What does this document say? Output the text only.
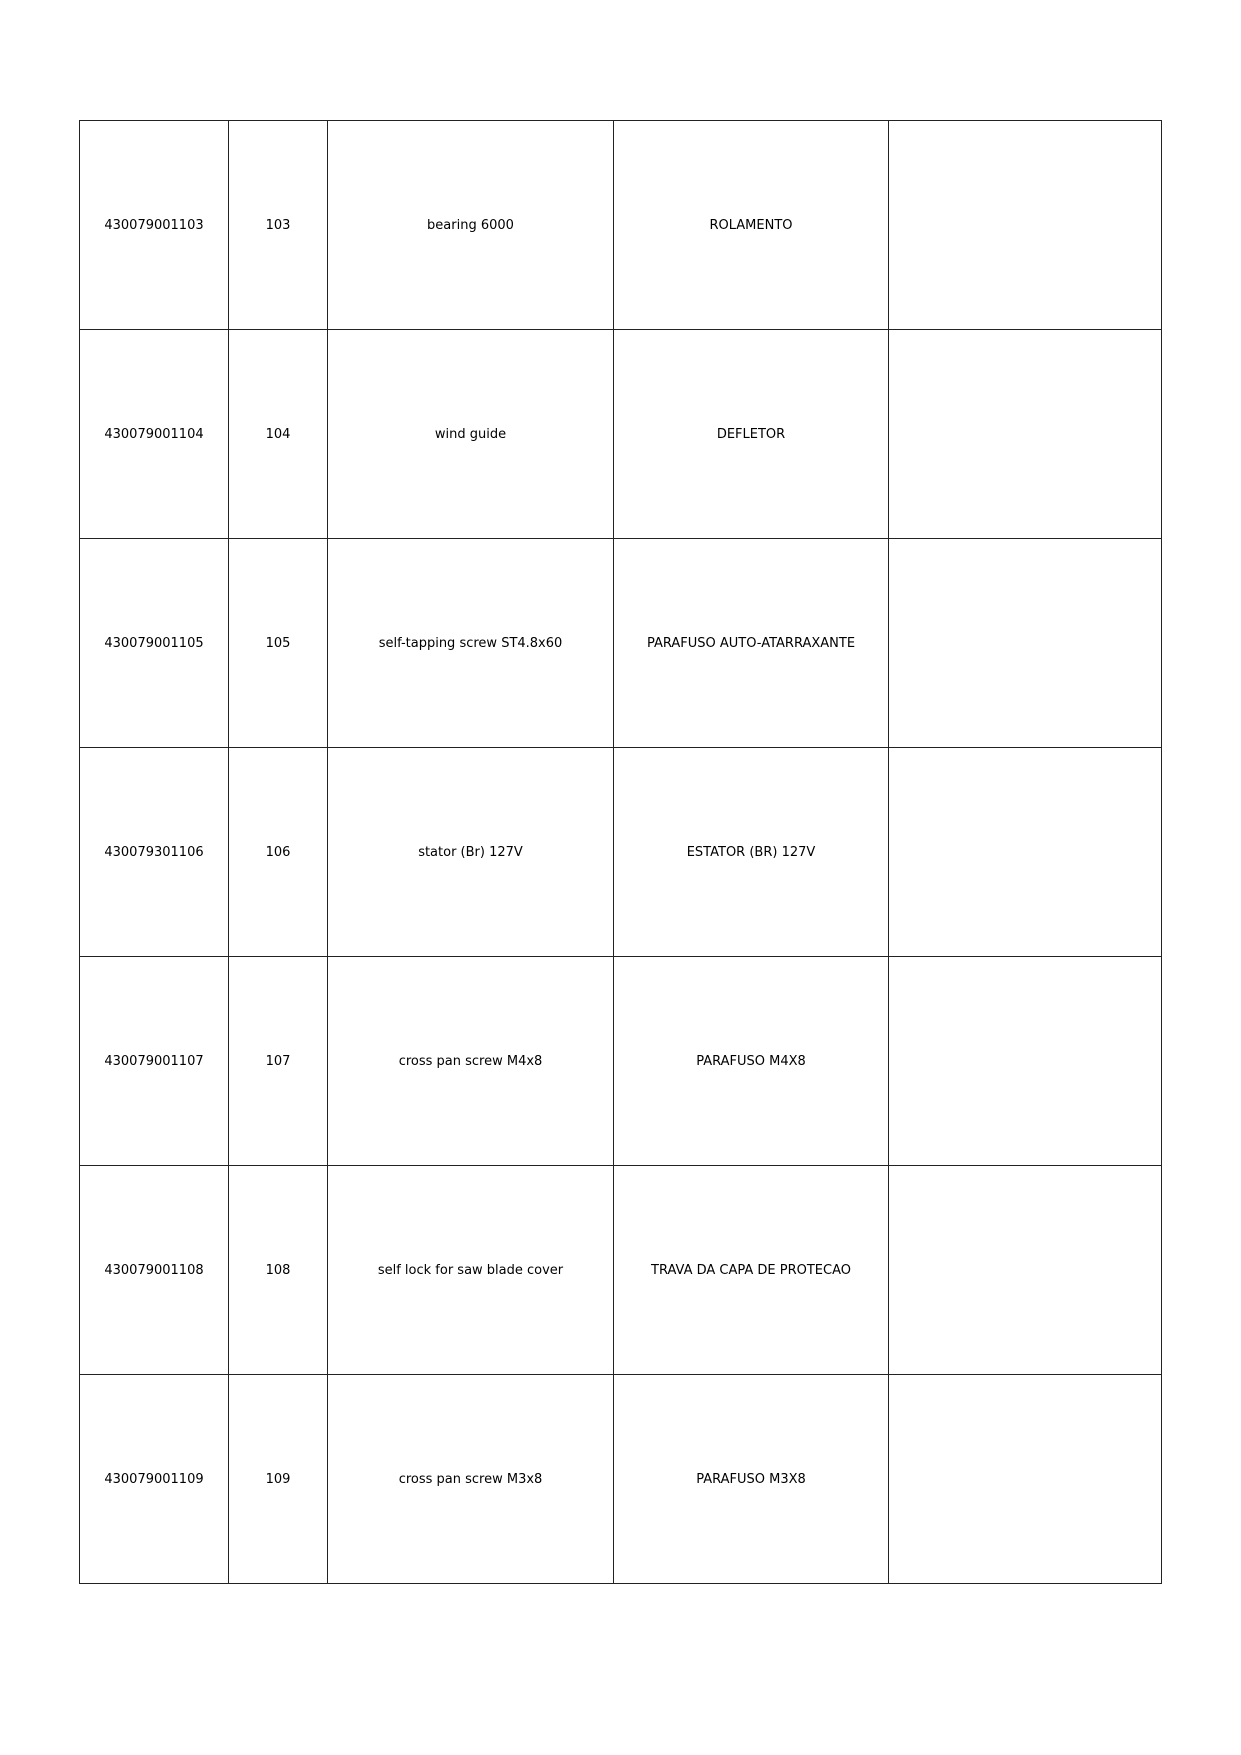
430079001103	103	bearing 6000	ROLAMENTO	
430079001104	104	wind guide	DEFLETOR	
430079001105	105	self-tapping screw ST4.8x60	PARAFUSO AUTO-ATARRAXANTE	
430079301106	106	stator (Br) 127V	ESTATOR (BR) 127V	
430079001107	107	cross pan screw M4x8	PARAFUSO M4X8	
430079001108	108	self lock for saw blade cover	TRAVA DA CAPA DE PROTECAO	
430079001109	109	cross pan screw M3x8	PARAFUSO M3X8	
